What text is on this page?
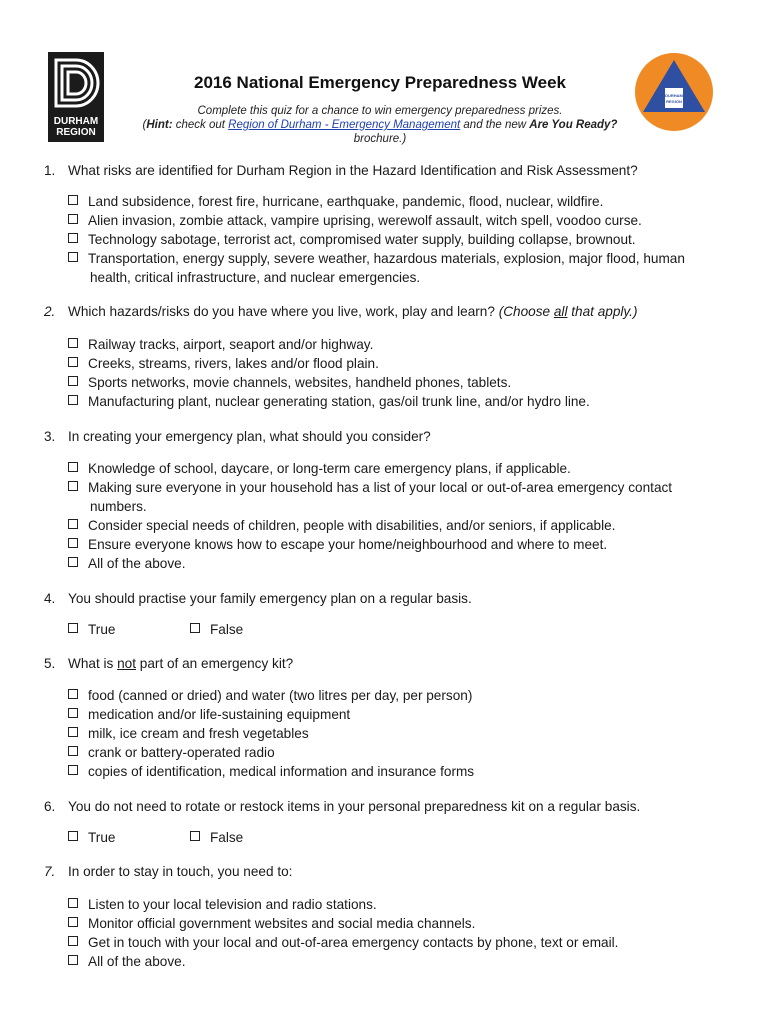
DURHAM
REGION
DURHAM
REGION
2016 National Emergency Preparedness Week
Complete this quiz for a chance to win emergency preparedness prizes.
(Hint: check out Region of Durham - Emergency Management and the new Are You Ready?
brochure.)
1. What risks are identified for Durham Region in the Hazard Identification and Risk Assessment?
Land subsidence, forest fire, hurricane, earthquake, pandemic, flood, nuclear, wildfire.
Alien invasion, zombie attack, vampire uprising, werewolf assault, witch spell, voodoo curse.
Technology sabotage, terrorist act, compromised water supply, building collapse, brownout.
Transportation, energy supply, severe weather, hazardous materials, explosion, major flood, human
health, critical infrastructure, and nuclear emergencies.
2. Which hazards/risks do you have where you live, work, play and learn? (Choose all that apply.)
Railway tracks, airport, seaport and/or highway.
Creeks, streams, rivers, lakes and/or flood plain.
Sports networks, movie channels, websites, handheld phones, tablets.
Manufacturing plant, nuclear generating station, gas/oil trunk line, and/or hydro line.
3. In creating your emergency plan, what should you consider?
Knowledge of school, daycare, or long-term care emergency plans, if applicable.
Making sure everyone in your household has a list of your local or out-of-area emergency contact
numbers.
Consider special needs of children, people with disabilities, and/or seniors, if applicable.
Ensure everyone knows how to escape your home/neighbourhood and where to meet.
All of the above.
4. You should practise your family emergency plan on a regular basis.
True	False
5. What is not part of an emergency kit?
food (canned or dried) and water (two litres per day, per person)
medication and/or life-sustaining equipment
milk, ice cream and fresh vegetables
crank or battery-operated radio
copies of identification, medical information and insurance forms
6. You do not need to rotate or restock items in your personal preparedness kit on a regular basis.
True	False
7. In order to stay in touch, you need to:
Listen to your local television and radio stations.
Monitor official government websites and social media channels.
Get in touch with your local and out-of-area emergency contacts by phone, text or email.
All of the above.
